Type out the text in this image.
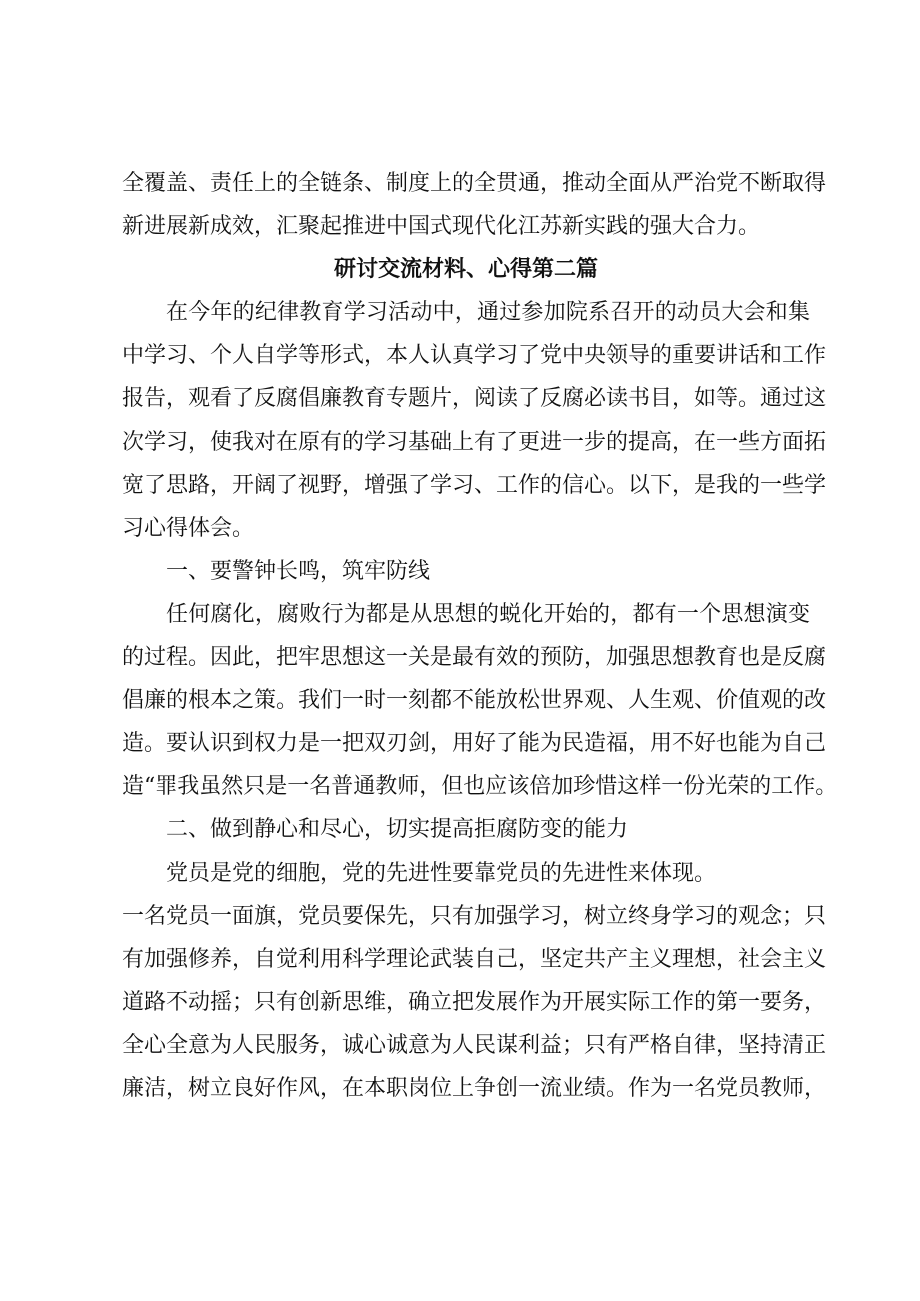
全覆盖、责任上的全链条、制度上的全贯通，推动全面从严治党不断取得
新进展新成效，汇聚起推进中国式现代化江苏新实践的强大合力。
研讨交流材料、心得第二篇
在今年的纪律教育学习活动中，通过参加院系召开的动员大会和集
中学习、个人自学等形式，本人认真学习了党中央领导的重要讲话和工作
报告，观看了反腐倡廉教育专题片，阅读了反腐必读书目，如等。通过这
次学习，使我对在原有的学习基础上有了更进一步的提高，在一些方面拓
宽了思路，开阔了视野，增强了学习、工作的信心。以下，是我的一些学
习心得体会。
一、要警钟长鸣，筑牢防线
任何腐化，腐败行为都是从思想的蜕化开始的，都有一个思想演变
的过程。因此，把牢思想这一关是最有效的预防，加强思想教育也是反腐
倡廉的根本之策。我们一时一刻都不能放松世界观、人生观、价值观的改
造。要认识到权力是一把双刃剑，用好了能为民造福，用不好也能为自己
造“罪我虽然只是一名普通教师，但也应该倍加珍惜这样一份光荣的工作。
二、做到静心和尽心，切实提高拒腐防变的能力
党员是党的细胞，党的先进性要靠党员的先进性来体现。
一名党员一面旗，党员要保先，只有加强学习，树立终身学习的观念；只
有加强修养，自觉利用科学理论武装自己，坚定共产主义理想，社会主义
道路不动摇；只有创新思维，确立把发展作为开展实际工作的第一要务，
全心全意为人民服务，诚心诚意为人民谋利益；只有严格自律，坚持清正
廉洁，树立良好作风，在本职岗位上争创一流业绩。作为一名党员教师，
